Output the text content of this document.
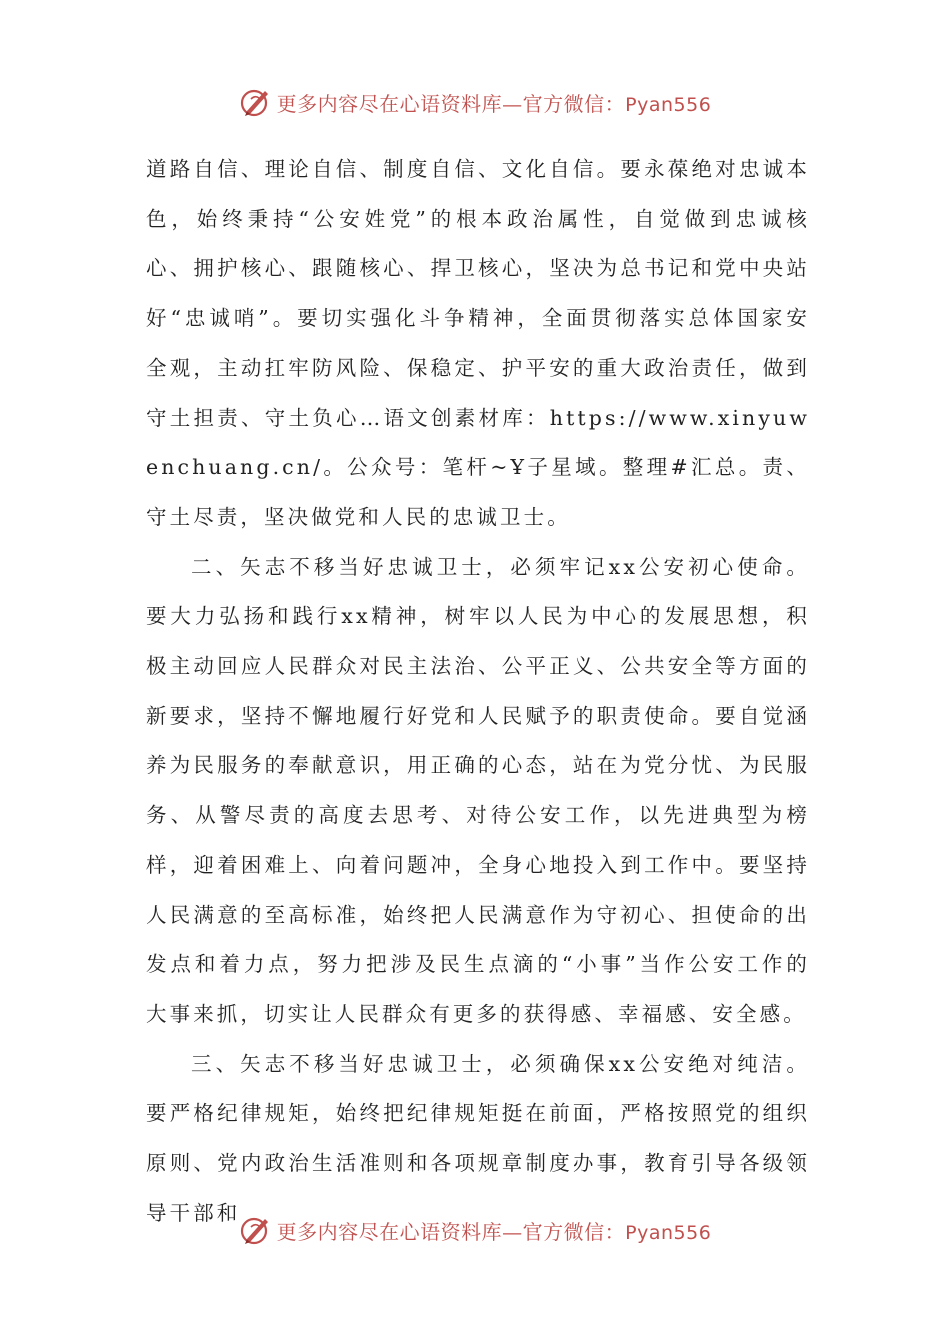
更多内容尽在心语资料库—官方微信：Pyan556

道路自信、理论自信、制度自信、文化自信。要永葆绝对忠诚本色，始终秉持“公安姓党”的根本政治属性，自觉做到忠诚核心、拥护核心、跟随核心、捍卫核心，坚决为总书记和党中央站好“忠诚哨”。要切实强化斗争精神，全面贯彻落实总体国家安全观，主动扛牢防风险、保稳定、护平安的重大政治责任，做到守土担责、守土负心…语文创素材库：https://www.xinyuwenchuang.cn/。公众号：笔杆~Ұ子星域。整理#汇总。责、守土尽责，坚决做党和人民的忠诚卫士。

二、矢志不移当好忠诚卫士，必须牢记xx公安初心使命。要大力弘扬和践行xx精神，树牢以人民为中心的发展思想，积极主动回应人民群众对民主法治、公平正义、公共安全等方面的新要求，坚持不懈地履行好党和人民赋予的职责使命。要自觉涵养为民服务的奉献意识，用正确的心态，站在为党分忧、为民服务、从警尽责的高度去思考、对待公安工作，以先进典型为榜样，迎着困难上、向着问题冲，全身心地投入到工作中。要坚持人民满意的至高标准，始终把人民满意作为守初心、担使命的出发点和着力点，努力把涉及民生点滴的“小事”当作公安工作的大事来抓，切实让人民群众有更多的获得感、幸福感、安全感。

三、矢志不移当好忠诚卫士，必须确保xx公安绝对纯洁。要严格纪律规矩，始终把纪律规矩挺在前面，严格按照党的组织原则、党内政治生活准则和各项规章制度办事，教育引导各级领导干部和

更多内容尽在心语资料库—官方微信：Pyan556
